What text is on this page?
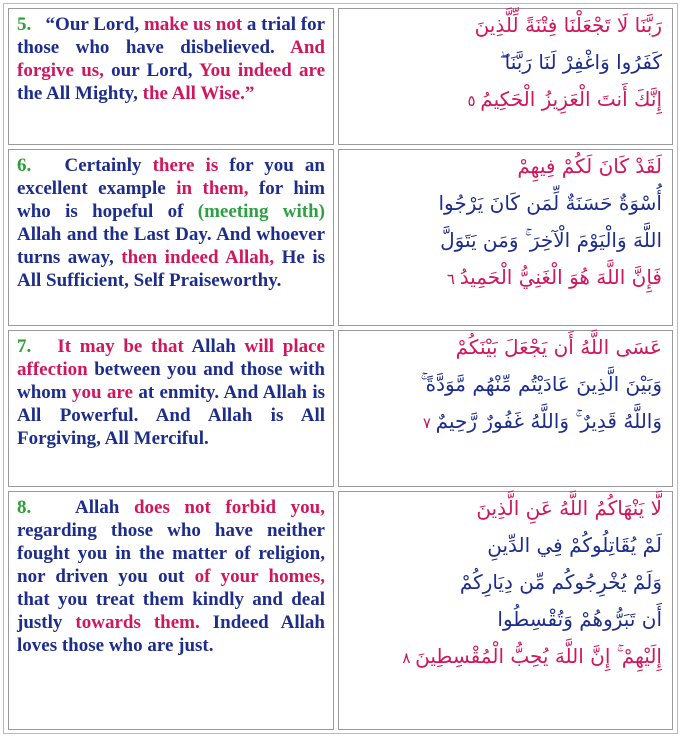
5. “Our Lord, make us not a trial for those who have disbelieved. And forgive us, our Lord, You indeed are the All Mighty, the All Wise.”

رَبَّنَا لَا تَجْعَلْنَا فِتْنَةً لِّلَّذِينَ
كَفَرُوا وَاغْفِرْ لَنَا رَبَّنَا ۖ
إِنَّكَ أَنتَ الْعَزِيزُ الْحَكِيمُ ٥

6. Certainly there is for you an excellent example in them, for him who is hopeful of (meeting with) Allah and the Last Day. And whoever turns away, then indeed Allah, He is All Sufficient, Self Praiseworthy.

لَقَدْ كَانَ لَكُمْ فِيهِمْ
أُسْوَةٌ حَسَنَةٌ لِّمَن كَانَ يَرْجُوا
اللَّهَ وَالْيَوْمَ الْآخِرَ ۚ وَمَن يَتَوَلَّ
فَإِنَّ اللَّهَ هُوَ الْغَنِيُّ الْحَمِيدُ ٦

7. It may be that Allah will place affection between you and those with whom you are at enmity. And Allah is All Powerful. And Allah is All Forgiving, All Merciful.

عَسَى اللَّهُ أَن يَجْعَلَ بَيْنَكُمْ
وَبَيْنَ الَّذِينَ عَادَيْتُم مِّنْهُم مَّوَدَّةً ۚ
وَاللَّهُ قَدِيرٌ ۚ وَاللَّهُ غَفُورٌ رَّحِيمٌ ٧

8. Allah does not forbid you, regarding those who have neither fought you in the matter of religion, nor driven you out of your homes, that you treat them kindly and deal justly towards them. Indeed Allah loves those who are just.

لَّا يَنْهَاكُمُ اللَّهُ عَنِ الَّذِينَ
لَمْ يُقَاتِلُوكُمْ فِي الدِّينِ
وَلَمْ يُخْرِجُوكُم مِّن دِيَارِكُمْ
أَن تَبَرُّوهُمْ وَتُقْسِطُوا
إِلَيْهِمْ ۚ إِنَّ اللَّهَ يُحِبُّ الْمُقْسِطِينَ ٨
